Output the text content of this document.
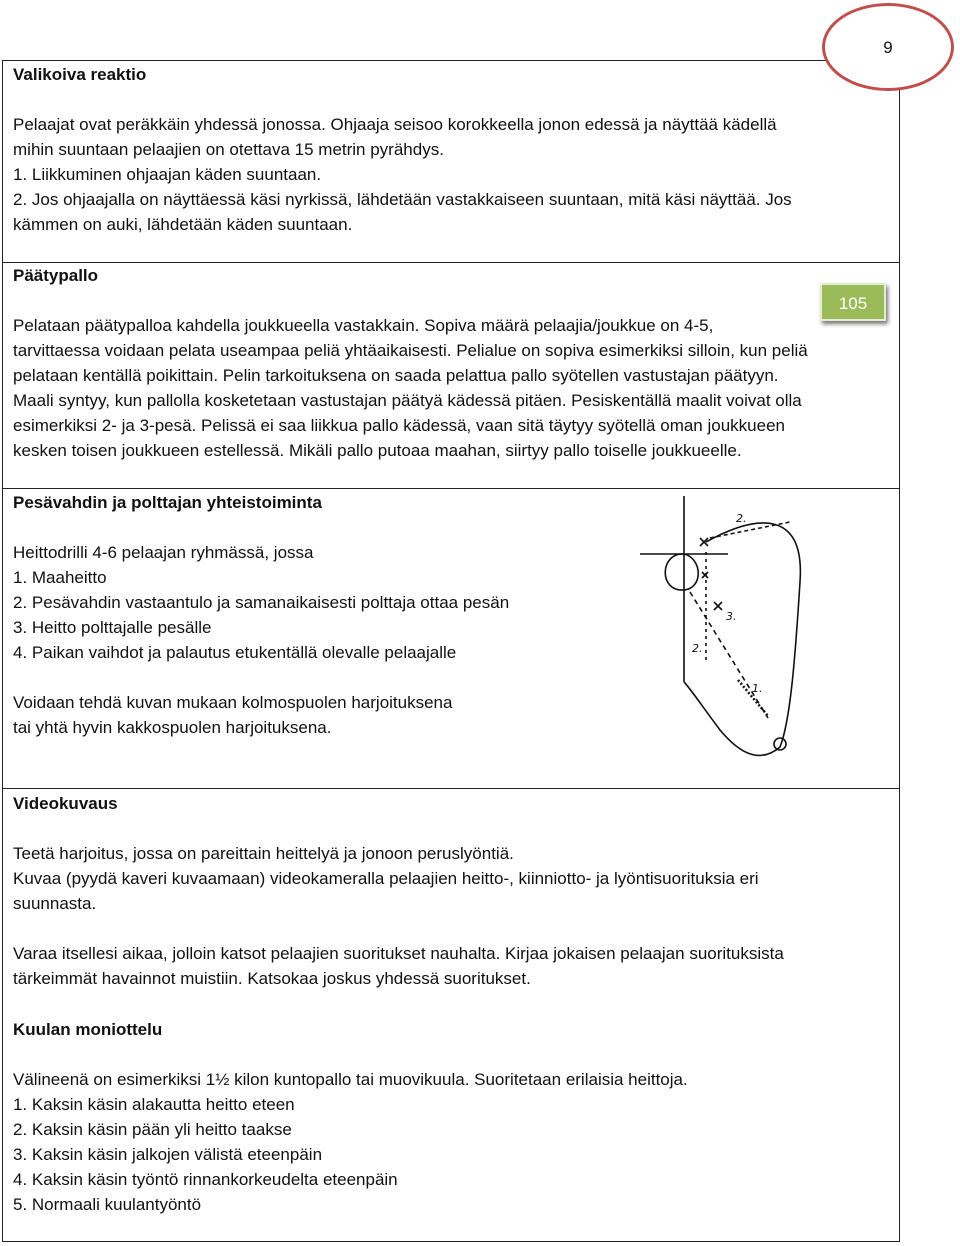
9
Valikoiva reaktio
Pelaajat ovat peräkkäin yhdessä jonossa. Ohjaaja seisoo korokkeella jonon edessä ja näyttää kädellä
mihin suuntaan pelaajien on otettava 15 metrin pyrähdys.
1. Liikkuminen ohjaajan käden suuntaan.
2. Jos ohjaajalla on näyttäessä käsi nyrkissä, lähdetään vastakkaiseen suuntaan, mitä käsi näyttää. Jos
kämmen on auki, lähdetään käden suuntaan.
Päätypallo
Pelataan päätypalloa kahdella joukkueella vastakkain. Sopiva määrä pelaajia/joukkue on 4-5,
tarvittaessa voidaan pelata useampaa peliä yhtäaikaisesti. Pelialue on sopiva esimerkiksi silloin, kun peliä
pelataan kentällä poikittain. Pelin tarkoituksena on saada pelattua pallo syötellen vastustajan päätyyn.
Maali syntyy, kun pallolla kosketetaan vastustajan päätyä kädessä pitäen. Pesiskentällä maalit voivat olla
esimerkiksi 2- ja 3-pesä. Pelissä ei saa liikkua pallo kädessä, vaan sitä täytyy syötellä oman joukkueen
kesken toisen joukkueen estellessä. Mikäli pallo putoaa maahan, siirtyy pallo toiselle joukkueelle.
105
Pesävahdin ja polttajan yhteistoiminta
Heittodrilli 4-6 pelaajan ryhmässä, jossa
1. Maaheitto
2. Pesävahdin vastaantulo ja samanaikaisesti polttaja ottaa pesän
3. Heitto polttajalle pesälle
4. Paikan vaihdot ja palautus etukentällä olevalle pelaajalle
Voidaan tehdä kuvan mukaan kolmospuolen harjoituksena
tai yhtä hyvin kakkospuolen harjoituksena.
2.
3.
2.
1.
Videokuvaus
Teetä harjoitus, jossa on pareittain heittelyä ja jonoon peruslyöntiä.
Kuvaa (pyydä kaveri kuvaamaan) videokameralla pelaajien heitto-, kiinniotto- ja lyöntisuorituksia eri
suunnasta.
Varaa itsellesi aikaa, jolloin katsot pelaajien suoritukset nauhalta. Kirjaa jokaisen pelaajan suorituksista
tärkeimmät havainnot muistiin. Katsokaa joskus yhdessä suoritukset.
Kuulan moniottelu
Välineenä on esimerkiksi 1½ kilon kuntopallo tai muovikuula. Suoritetaan erilaisia heittoja.
1. Kaksin käsin alakautta heitto eteen
2. Kaksin käsin pään yli heitto taakse
3. Kaksin käsin jalkojen välistä eteenpäin
4. Kaksin käsin työntö rinnankorkeudelta eteenpäin
5. Normaali kuulantyöntö
